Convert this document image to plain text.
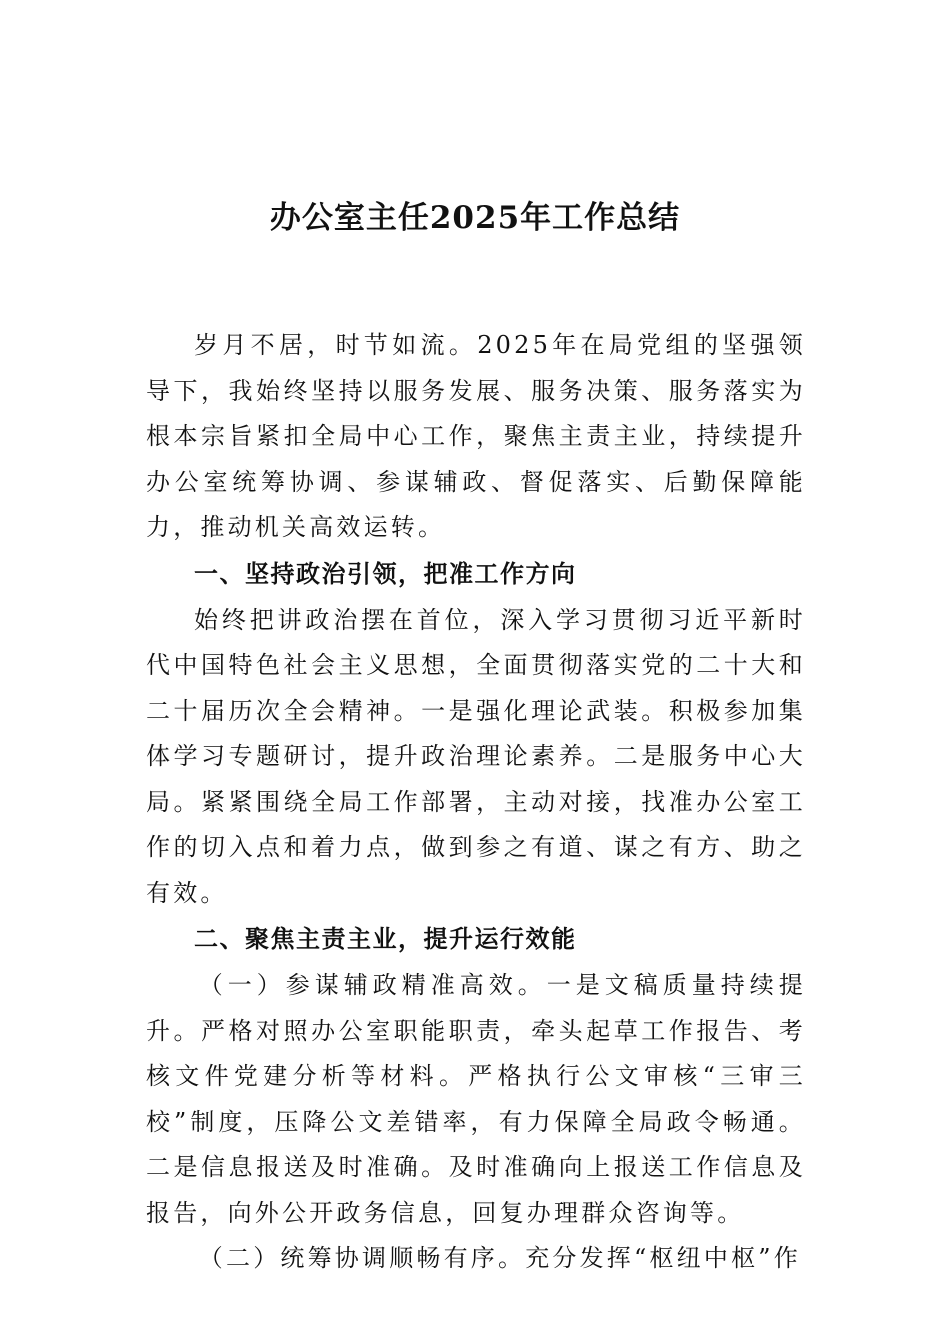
办公室主任2025年工作总结

岁月不居，时节如流。2025年在局党组的坚强领导下，我始终坚持以服务发展、服务决策、服务落实为根本宗旨紧扣全局中心工作，聚焦主责主业，持续提升办公室统筹协调、参谋辅政、督促落实、后勤保障能力，推动机关高效运转。

一、坚持政治引领，把准工作方向

始终把讲政治摆在首位，深入学习贯彻习近平新时代中国特色社会主义思想，全面贯彻落实党的二十大和二十届历次全会精神。一是强化理论武装。积极参加集体学习专题研讨，提升政治理论素养。二是服务中心大局。紧紧围绕全局工作部署，主动对接，找准办公室工作的切入点和着力点，做到参之有道、谋之有方、助之有效。

二、聚焦主责主业，提升运行效能

（一）参谋辅政精准高效。一是文稿质量持续提升。严格对照办公室职能职责，牵头起草工作报告、考核文件党建分析等材料。严格执行公文审核“三审三校”制度，压降公文差错率，有力保障全局政令畅通。二是信息报送及时准确。及时准确向上报送工作信息及报告，向外公开政务信息，回复办理群众咨询等。

（二）统筹协调顺畅有序。充分发挥“枢纽中枢”作
